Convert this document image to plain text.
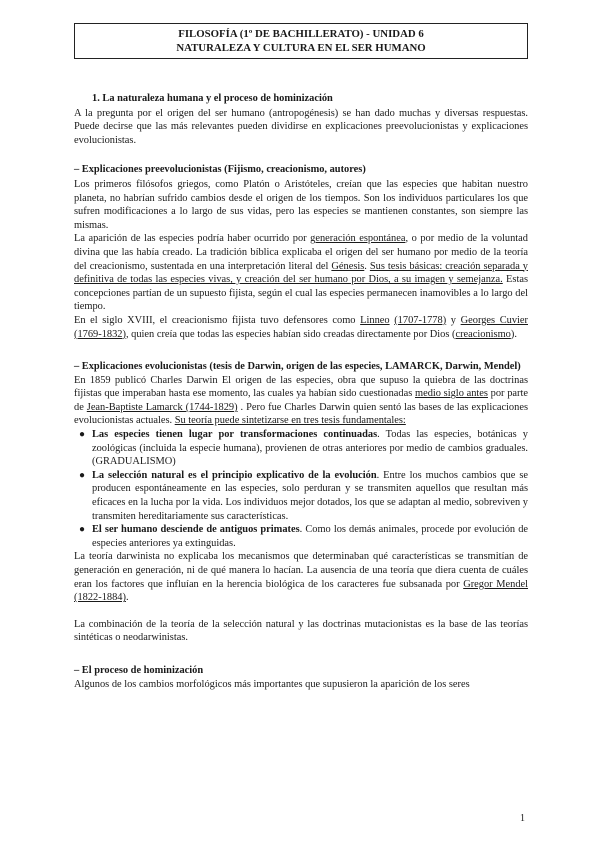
FILOSOFÍA (1º DE BACHILLERATO) - UNIDAD 6
NATURALEZA Y CULTURA EN EL SER HUMANO

1. La naturaleza humana y el proceso de hominización

A la pregunta por el origen del ser humano (antropogénesis) se han dado muchas y diversas respuestas. Puede decirse que las más relevantes pueden dividirse en explicaciones preevolucionistas y explicaciones evolucionistas.

– Explicaciones preevolucionistas (Fijismo, creacionismo, autores)

Los primeros filósofos griegos, como Platón o Aristóteles, creían que las especies que habitan nuestro planeta, no habrían sufrido cambios desde el origen de los tiempos. Son los individuos particulares los que sufren modificaciones a lo largo de sus vidas, pero las especies se mantienen constantes, son siempre las mismas.

La aparición de las especies podría haber ocurrido por generación espontánea, o por medio de la voluntad divina que las había creado. La tradición bíblica explicaba el origen del ser humano por medio de la teoría del creacionismo, sustentada en una interpretación literal del Génesis. Sus tesis básicas: creación separada y definitiva de todas las especies vivas, y creación del ser humano por Dios, a su imagen y semejanza. Estas concepciones partían de un supuesto fijista, según el cual las especies permanecen inamovibles a lo largo del tiempo.

En el siglo XVIII, el creacionismo fijista tuvo defensores como Linneo (1707-1778) y Georges Cuvier (1769-1832), quien creía que todas las especies habían sido creadas directamente por Dios (creacionismo).

– Explicaciones evolucionistas (tesis de Darwin, origen de las especies, LAMARCK, Darwin, Mendel)

En 1859 publicó Charles Darwin El origen de las especies, obra que supuso la quiebra de las doctrinas fijistas que imperaban hasta ese momento, las cuales ya habían sido cuestionadas medio siglo antes por parte de Jean-Baptiste Lamarck (1744-1829) . Pero fue Charles Darwin quien sentó las bases de las explicaciones evolucionistas actuales. Su teoría puede sintetizarse en tres tesis fundamentales:

● Las especies tienen lugar por transformaciones continuadas. Todas las especies, botánicas y zoológicas (incluida la especie humana), provienen de otras anteriores por medio de cambios graduales. (GRADUALISMO)
● La selección natural es el principio explicativo de la evolución. Entre los muchos cambios que se producen espontáneamente en las especies, solo perduran y se transmiten aquellos que resultan más eficaces en la lucha por la vida. Los individuos mejor dotados, los que se adaptan al medio, sobreviven y transmiten hereditariamente sus características.
● El ser humano desciende de antiguos primates. Como los demás animales, procede por evolución de especies anteriores ya extinguidas.

La teoría darwinista no explicaba los mecanismos que determinaban qué características se transmitían de generación en generación, ni de qué manera lo hacían. La ausencia de una teoría que diera cuenta de cuáles eran los factores que influían en la herencia biológica de los caracteres fue subsanada por Gregor Mendel (1822-1884).

La combinación de la teoría de la selección natural y las doctrinas mutacionistas es la base de las teorías sintéticas o neodarwinistas.

– El proceso de hominización

Algunos de los cambios morfológicos más importantes que supusieron la aparición de los seres

1
